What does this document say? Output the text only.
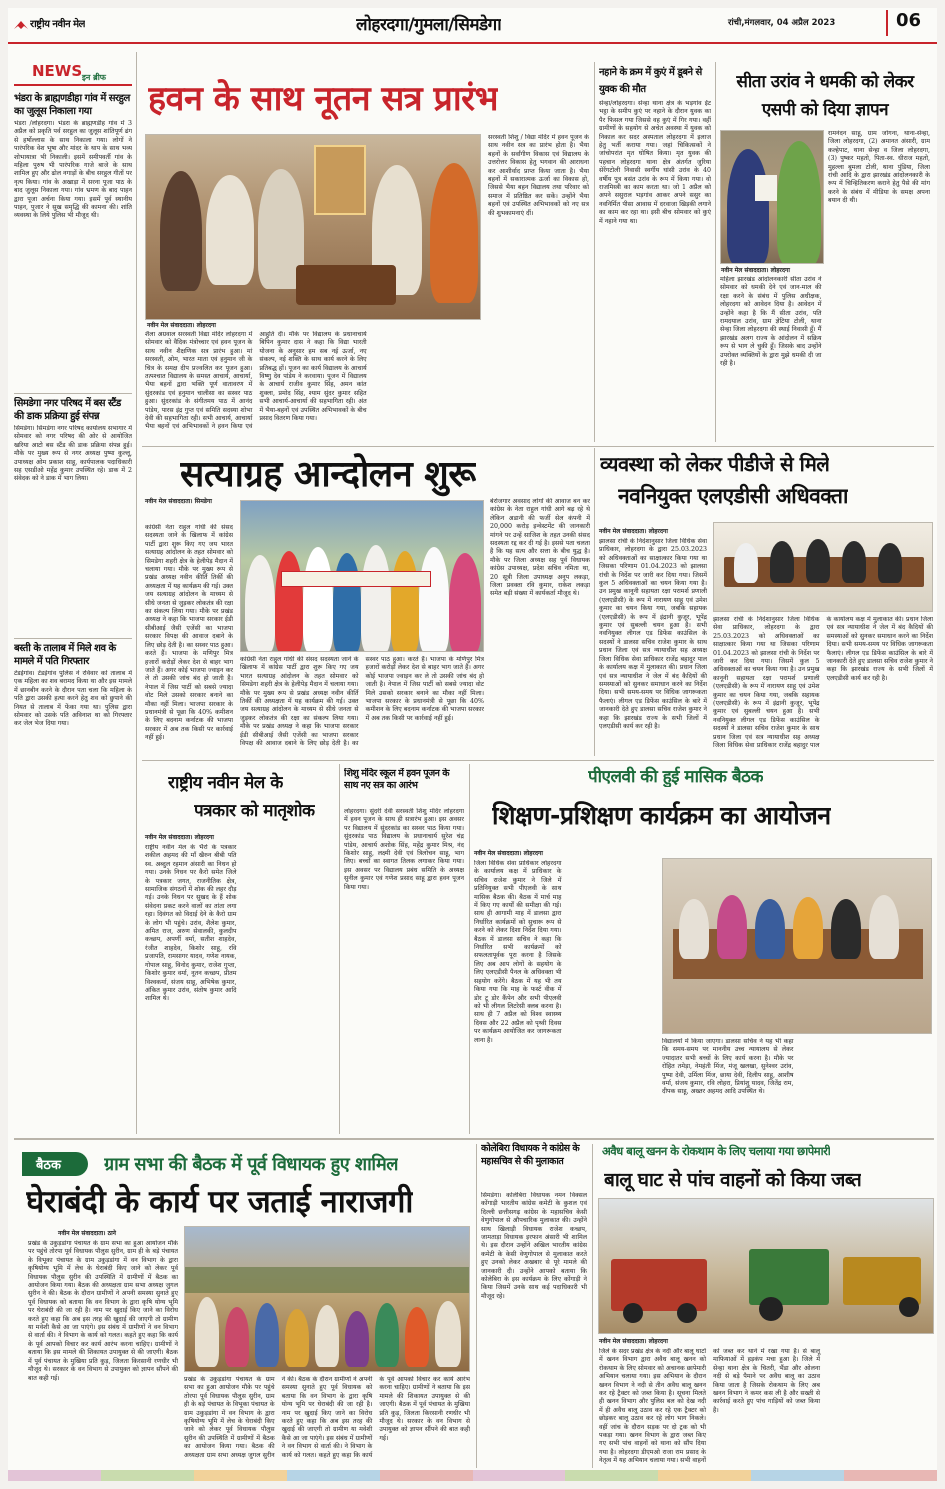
राष्ट्रीय नवीन मेल	लोहरदगा/गुमला/सिमडेगा	रांची,मंगलवार, 04 अप्रैल 2023	06
NEWS इन ब्रीफ
भंडरा के ब्राह्मणडीहा गांव में सरहुल का जुलूस निकाला गया
भंडरा /लोहरदगा। भंडरा के ब्राह्मणडीह गांव में 3 अप्रैल को प्रकृति पर्व सरहुल का जुलूस शांतिपूर्ण ढंग से हर्षोल्लास के साथ निकाला गया। लोगों ने पारंपरिक वेश भूषा और मांदर के थाप के साथ भव्य शोभायात्रा भी निकाली। इसमें समीपवर्ती गांव के महिला पुरुष भी पारंपरिक गाजे बाजे के साथ शामिल हुए और ढोल नगाड़ों के बीच सरहुल गीतों पर नृत्य किया। गांव के अखाड़ा में सरना पूजा पाठ के बाद जुलूस निकाला गया। गांव भ्रमण के बाद पाहन द्वारा पूजा अर्चना किया गया। इसमें पूर्व स्थानीय पाहन, पुजार ने सुख समृद्धि की कामना की। शांति व्यवस्था के लिये पुलिस भी मौजूद थी।
सिमडेगा नगर परिषद में बस स्टैंड की डाक प्रक्रिया हुई संपन्न
सिमडेगा। सिमडेगा नगर परिषद कार्यालय सभागार में सोमवार को नगर परिषद की ओर से आयोजित खरिया आटो बस स्टैंड की डाक प्रक्रिया संपन्न हुई। मौके पर मुख्य रूप से नगर अध्यक्ष पुष्पा कुल्लू, उपाध्यक्ष ओम प्रकाश साहू, कार्यपालक पदाधिकारी सह एसडीओ महेंद्र कुमार उपस्थित रहे। डाक में 2 संवेदक को ने डाक में भाग लिया।
बस्ती के तालाब में मिले शव के मामले में पति गिरफ्तार
टेंडईगांव। टेंडईगांव पुलिस ने रविवार को तालाब में एक महिला का शव बरामद किया था और इस मामले में छानबीन करने के दौरान पता चला कि महिला के पति द्वारा उसकी हत्या करने हेतु शव को छुपाने की नियत से तालाब में फेंका गया था। पुलिस द्वारा सोमवार को उसके पति अविनाश था को गिरफ्तार कर जेल भेज दिया गया।
हवन के साथ नूतन सत्र प्रारंभ
नवीन मेल संवाददाता। लोहरदगा
शैला अग्रवाल सरस्वती विद्या मंदिर लोहरदगा में सोमवार को वैदिक मंत्रोच्चार एवं हवन पूजन के साथ नवीन शैक्षणिक सत्र प्रारंभ हुआ। मां सरस्वती, ओम, भारत माता एवं हनुमान जी के चित्र के समक्ष दीप प्रज्वलित कर पूजन हुआ। तत्पश्चात विद्यालय के समस्त आचार्य, आचार्या, भैया बहनों द्वारा भक्ति पूर्ण वातावरण में सुंदरकांड एवं हनुमान चालीसा का सस्वर पाठ हुआ। सुंदरकांड के संगीतमय पाठ में आनंद पांडेय, पारस इंद्र गुप्त एवं समिति सदस्या शोभा देवी की सहभागिता रही। सभी आचार्य, आचार्या भैया बहनों एवं अभिभावकों ने हवन किया एवं आहुति दी। मौके पर विद्यालय के प्रधानाचार्य बिपिन कुमार दास ने कहा कि विद्या भारती योजना के अनुसार हम सब नई ऊर्जा, नए संकल्प, नई शक्ति के साथ कार्य करने के लिए प्रतिबद्ध हों। पूजन का कार्य विद्यालय के आचार्य विष्णु देव पांडेय ने करवाया। पूजन में विद्यालय के आचार्य राजीव कुमार सिंह, अमन कांत शुक्ला, प्रमोद सिंह, श्याम सुंदर कुमार सहित सभी आचार्य-आचार्या की सहभागिता रही। अंत में भैया-बहनों एवं उपस्थित अभिभावकों के बीच प्रसाद वितरण किया गया।
सरस्वती शिशु / विद्या मंदिर में हवन पूजन के साथ नवीन सत्र का प्रारंभ होता है। भैया बहनों के सर्वांगीण विकास एवं विद्यालय के उत्तरोत्तर विकास हेतु भगवान की आराधना कर आशीर्वाद प्राप्त किया जाता है। भैया बहनों में सकारात्मक ऊर्जा का विकास हो, जिससे भैया बहन विद्यालय तथा परिवार को समाज में प्रतिष्ठित कर सकें। उन्होंने भैया बहनों एवं उपस्थित अभिभावकों को नए सत्र की शुभकामनाएं दीं।
नहाने के क्रम में कुएं में डूबने से युवक की मौत
सेन्हा/लोहरदगा। सेन्हा थाना क्षेत्र के भड़गांव ईंट भट्ठा के समीप कुएं पर नहाने के दौरान युवक का पैर फिसल गया जिससे वह कुएं में गिर गया। वहीं ग्रामीणों के सहयोग से अचेत अवस्था में युवक को निकाल कर सदर अस्पताल लोहरदगा में इलाज हेतु भर्ती कराया गया। जहां चिकित्सकों ने जांचोपरांत मृत घोषित किया। मृत युवक की पहचान लोहरदगा थाना क्षेत्र अंतर्गत जुरिया सेरेंगटोली निवासी स्वर्गीय घांसी उरांव के 40 वर्षीय पुत्र बसंत उरांव के रूप में किया गया। वो राजमिस्त्री का काम करता था। जो 1 अप्रैल को अपने ससुराल भड़गांव आकर अपने ससुर का नवनिर्मित पीसा आवास में दरवाजा खिड़की लगाने का काम कर रहा था। इसी बीच सोमवार को कुएं में नहाने गया था।
सीता उरांव ने धमकी को लेकर एसपी को दिया ज्ञापन
रामनंदन साहू, ग्राम जोगना, थाना-सेन्हा, जिला लोहरदगा, (2) अमानत अंसारी, ग्राम कल्हेपाट, थाना सेन्हा व जिला लोहरदगा, (3) पुष्कर महतो, पिता-स्व. धीराज महतो, मुहल्ला बुमला टोली, थाना पुंडिया, जिला रांची आदि के द्वारा झारखंड आंदोलनकारी के रूप में चिन्हितिकरण कराने हेतु पैसे की मांग करने के संबंध में मीडिया के समक्ष अपना बयान दी थी।
नवीन मेल संवाददाता। लोहरदगा
महिला झारखंड आंदोलनकारी सीता उरांव ने सोमवार को धमकी देने एवं जान-माल की रक्षा करने के संबंध में पुलिस अधीक्षक, लोहरदगा को आवेदन दिया है। आवेदन में उन्होंने कहा है कि मैं सीता उरांव, पति रामदयाल उरांव, ग्राम ज्ञेटिया टोली, थाना सेन्हा जिला लोहरदगा की स्थाई निवासी हूँ। मैं झारखंड अलग राज्य के आंदोलन में सक्रिय रूप से भाग ले चुकी हूँ। जिसके बाद उन्होंने उपरोक्त व्यक्तियों के द्वारा मुझे धमकी दी जा रही है।
सत्याग्रह आन्दोलन शुरू
नवीन मेल संवाददाता। सिमडेगा
कांग्रेसी नेता राहुल गांधी की संसद सदस्यता जाने के खिलाफ में कांग्रेस पार्टी द्वारा शुरू किए गए जय भारत सत्याग्रह आंदोलन के तहत सोमवार को सिमडेगा शहरी क्षेत्र के हेलीपेड़ मैदान में चलाया गया। मौके पर मुख्य रूप से प्रखंड अध्यक्ष नवीन कीर्ति तिर्की की अध्यक्षता में यह कार्यक्रम की गई। उक्त जय सत्याग्रह आंदोलन के माध्यम से सीधे जनता से जुड़कर लोकतंत्र की रक्षा का संकल्प लिया गया। मौके पर प्रखंड अध्यक्ष ने कहा कि भाजपा सरकार ईडी सीबीआई जैसी एजेंसी का भाजपा सरकार विपक्ष की आवाज दबाने के लिए छोड़ देती है। का सस्वर पाठ हुआ। करते हैं। भाजपा के मणिपुर मित्र हजारों करोड़ों लेकर देश से बाहर भाग जाते हैं। अगर कोई भाजपा ज्वाइन कर ले तो उसकी जांच बंद हो जाती है। नेपाल में जिस पार्टी को सबसे ज्यादा वोट मिले उसको सरकार बनाने का मौका नहीं मिला। भाजपा सरकार के प्रधानमंत्री से पूछा कि 40% कमीशन के लिए बदनाम कर्नाटक की भाजपा सरकार में अब तक किसी पर कार्रवाई नहीं हुई।
कांग्रेसी नेता राहुल गांधी की संसद सदस्यता जाने के खिलाफ में कांग्रेस पार्टी द्वारा शुरू किए गए जय भारत सत्याग्रह आंदोलन के तहत सोमवार को सिमडेगा शहरी क्षेत्र के हेलीपेड़ मैदान में चलाया गया। मौके पर मुख्य रूप से प्रखंड अध्यक्ष नवीन कीर्ति तिर्की की अध्यक्षता में यह कार्यक्रम की गई। उक्त जय सत्याग्रह आंदोलन के माध्यम से सीधे जनता से जुड़कर लोकतंत्र की रक्षा का संकल्प लिया गया। मौके पर प्रखंड अध्यक्ष ने कहा कि भाजपा सरकार ईडी सीबीआई जैसी एजेंसी का भाजपा सरकार विपक्ष की आवाज दबाने के लिए छोड़ देती है। का सस्वर पाठ हुआ। करते हैं। भाजपा के मणिपुर मित्र हजारों करोड़ों लेकर देश से बाहर भाग जाते हैं। अगर कोई भाजपा ज्वाइन कर ले तो उसकी जांच बंद हो जाती है। नेपाल में जिस पार्टी को सबसे ज्यादा वोट मिले उसको सरकार बनाने का मौका नहीं मिला। भाजपा सरकार के प्रधानमंत्री से पूछा कि 40% कमीशन के लिए बदनाम कर्नाटक की भाजपा सरकार में अब तक किसी पर कार्रवाई नहीं हुई।
बेरोजगार अवसाद लोगों की आवाज बन कर कांग्रेस के नेता राहुल गांधी आगे बढ़ रहे थे लेकिन अडानी की फर्जी सेल कंपनी में 20,000 करोड़ इन्वेस्टमेंट की जानकारी मांगने पर उन्हें साजिश के तहत उनकी संसद सदस्यता रद्द कर दी गई है। इससे पता चलता है कि यह सत्य और सत्ता के बीच युद्ध है। मौके पर जिला अध्यक्ष सह पूर्व विधायक कांग्रेस उपाध्यक्ष, प्रदेश सचिव नमिता था, 20 सूत्री जिला उपाध्यक्ष अनूप लकड़ा, जिला प्रवक्ता रवि कुमार, राकेश लकड़ा समेत बड़ी संख्या में कार्यकर्ता मौजूद थे।
व्यवस्था को लेकर पीडीजे से मिले
नवनियुक्त एलएडीसी अधिवक्ता
नवीन मेल संवाददाता। लोहरदगा
झालसा रांची के निर्देशानुसार जिला विधिक सेवा प्राधिकार, लोहरदगा के द्वारा 25.03.2023 को अधिवक्ताओं का साक्षात्कार किया गया था जिसका परिणाम 01.04.2023 को झालसा रांची के निर्देश पर जारी कर दिया गया। जिसमें कुल 5 अधिवक्ताओं का चयन किया गया है। उन प्रमुख कानूनी सहायता रक्षा परामर्श प्रणाली (एलएडीसी) के रूप में नारायण साहू एवं उमेश कुमार का चयन किया गया, जबकि सहायक (एलएडीसी) के रूप में इंद्रानी कुजूर, भूपेंद्र कुमार एवं सुबल्ली चयन हुआ है। सभी नवनियुक्त लीगल एड डिफेंस काउंसिल के सदस्यों ने डालसा सचिव राजेश कुमार के साथ प्रधान जिला एवं सत्र न्यायाधीश सह अध्यक्ष जिला विधिक सेवा प्राधिकार राजेंद्र बहादुर पाल के कार्यालय कक्ष में मुलाकात की। प्रधान जिला एवं सत्र न्यायाधीश ने जेल में बंद कैदियों की समस्याओं को सुनकर समाधान करने का निर्देश दिया। सभी समय-समय पर विधिक जागरूकता फैलाएं। लीगल एड डिफेंस काउंसिल के बारे में जानकारी देते हुए डालसा सचिव राजेश कुमार ने कहा कि झारखंड राज्य के सभी जिलों में एलएडीसी कार्य कर रही है।
झालसा रांची के निर्देशानुसार जिला विधिक सेवा प्राधिकार, लोहरदगा के द्वारा 25.03.2023 को अधिवक्ताओं का साक्षात्कार किया गया था जिसका परिणाम 01.04.2023 को झालसा रांची के निर्देश पर जारी कर दिया गया। जिसमें कुल 5 अधिवक्ताओं का चयन किया गया है। उन प्रमुख कानूनी सहायता रक्षा परामर्श प्रणाली (एलएडीसी) के रूप में नारायण साहू एवं उमेश कुमार का चयन किया गया, जबकि सहायक (एलएडीसी) के रूप में इंद्रानी कुजूर, भूपेंद्र कुमार एवं सुबल्ली चयन हुआ है। सभी नवनियुक्त लीगल एड डिफेंस काउंसिल के सदस्यों ने डालसा सचिव राजेश कुमार के साथ प्रधान जिला एवं सत्र न्यायाधीश सह अध्यक्ष जिला विधिक सेवा प्राधिकार राजेंद्र बहादुर पाल के कार्यालय कक्ष में मुलाकात की। प्रधान जिला एवं सत्र न्यायाधीश ने जेल में बंद कैदियों की समस्याओं को सुनकर समाधान करने का निर्देश दिया। सभी समय-समय पर विधिक जागरूकता फैलाएं। लीगल एड डिफेंस काउंसिल के बारे में जानकारी देते हुए डालसा सचिव राजेश कुमार ने कहा कि झारखंड राज्य के सभी जिलों में एलएडीसी कार्य कर रही है।
राष्ट्रीय नवीन मेल के
पत्रकार को मातृशोक
नवीन मेल संवाददाता। लोहरदगा
राष्ट्रीय नवीन मेल के भैरो के पत्रकार शकील अहमद की माँ खैरुन बीबी पति स्व. अब्दुल रहमान अंसारी का निधन हो गया। उनके निधन पर कैरो समेत जिले के पत्रकार जगत, राजनीतिक क्षेत्र, सामाजिक संगठनों में शोक की लहर दौड़ गई। उनके निधन पर सुखद के हैं शोक संवेदना प्रकट करने वालों का तांता लगा रहा। दिवंगत को विदाई देने के कैरो ग्राम के लोग भी पहुंचे। उरांव, शैलेश कुमार, अमित राज, अरुण सेवालकी, कुलदीप कच्छप, अपर्णी वर्मा, सतीश शाहदेव, रंजीत शाहदेव, किशोर साहू, रवि प्रजापति, रामसागर यादव, गणेश नायक, गोपाल साहू, विनोद कुमार, राजेश गुप्ता, किशोर कुमार वर्मा, नूतन कच्छप, प्रीतम विश्वकर्मा, संजय साहू, अभिषेक कुमार, अंकित कुमार उरांव, संतोष कुमार आदि शामिल थे।
शिशु मंदिर स्कूल में हवन पूजन के साथ नए सत्र का आरंभ
लोहरदगा। सुंदरी देवी सरस्वती शिशु मंदिर लोहरदगा में हवन पूजन के साथ ही सत्रारंभ हुआ। इस अवसर पर विद्यालय में सुंदरकांड का सस्वर पाठ किया गया। सुंदरकांड पाठ विद्यालय के प्रधानाचार्य सुरेश चंद्र पांडेय, आचार्य अशोक सिंह, महेंद्र कुमार मिश्र, नंद किशोर साहू, लक्ष्मी देवी एवं त्रिलोचन साहू, भाग लिए। बच्चों का स्वागत तिलक लगाकर किया गया। इस अवसर पर विद्यालय प्रबंध समिति के अध्यक्ष सुनील कुमार एवं गणेश प्रसाद साहू द्वारा हवन पूजन किया गया।
पीएलवी की हुई मासिक बैठक
शिक्षण-प्रशिक्षण कार्यक्रम का आयोजन
नवीन मेल संवाददाता। लोहरदगा
जिला विधिक सेवा प्राधिकार लोहरदगा के कार्यालय कक्ष में प्राधिकार के सचिव राजेश कुमार ने जिले में प्रतिनियुक्त सभी पीएलवी के साथ मासिक बैठक की। बैठक में मार्च माह में किए गए कार्यों की समीक्षा की गई। साथ ही आगामी माह में डालसा द्वारा निर्धारित कार्यक्रमों को सुचारू रूप से करने को लेकर दिशा निर्देश दिया गया। बैठक में डालसा सचिव ने कहा कि निर्धारित सभी कार्यक्रमों को सफलतापूर्वक पूरा करना है जिसके लिए अब आप लोगों के सहयोग के लिए एलएडीसी पैनल के अधिवक्ता भी सहयोग करेंगे। बैठक में यह भी तय किया गया कि माह के फर्स्ट वीक में डोर टू डोर कैंपेन और सभी पीएलवी को भी लीगल लिटरेसी क्लब करना है। साथ ही 7 अप्रैल को विश्व स्वास्थ्य दिवस और 22 अप्रैल को पृथ्वी दिवस पर कार्यक्रम आयोजित कर जागरूकता लाना है।	विद्यालयों में किया जाएगा। डालसा सचिव ने यह भी कहा कि समय-समय पर माननीय उच्च न्यायालय से लेकर ज्यादातर सभी बच्चों के लिए कार्य करना है। मौके पर रोहित तमेड़ा, नेमहंती मिंज, मंजू खलखा, सुनेश्वर उरांव, पुष्पा देवी, उर्मिला मिंज, छाया देवी, दिलीप साहू, आशीष वर्मा, संजय कुमार, रवि लोहरा, प्रियांशु यादव, जितेंद्र राम, दीपक साहू, अख्तर अहमद आदि उपस्थित थे।
बैठक ग्राम सभा की बैठक में पूर्व विधायक हुए शामिल
घेराबंदी के कार्य पर जताई नाराजगी
नवीन मेल संवाददाता। ठाने
प्रखंड के उकुड़डांगा पंचायत के ग्राम सभा का हुआ आयोजन मौके पर पहुंचे तोरपा पूर्व विधायक पौलुस सुरीन, ग्राम ही के बड़े पंचायत के विभूका पंचायत के ग्राम उकुड़डांगा में वन विभाग के द्वारा कृषियोग्य भूमि में लेच के घेराबंदी किए जाने को लेकर पूर्व विधायक पौलुस सुरीन की उपस्थिति में ग्रामीणों में बैठक का आयोजन किया गया। बैठक की अध्यक्षता ग्राम सभा अध्यक्ष जुगल सुरीन ने की। बैठक के दौरान ग्रामीणों ने अपनी समस्या सुनाते हुए पूर्व विधायक को बताया कि वन विभाग के द्वारा कृषि योग्य भूमि पर घेराबंदी की जा रही है। नाम पर खुदाई किए जाने का विरोध करते हुए कहा कि अब इस तरह की खुदाई की जाएगी तो ग्रामीण या मवेशी कैसे आ जा पाएंगे। इस संबंध में ग्रामीणों ने वन विभाग से वार्ता की। ने विभाग के कार्य को गलत। कहते हुए कहा कि कार्य के पूर्व आपको विचार कर कार्य आरंभ करना चाहिए। ग्रामीणों ने बताया कि इस मामले की शिकायत उपायुक्त से की जाएगी। बैठक में पूर्व पंचायत के मुखिया प्रति कुड़, जिलता किरसानी रणधीर भी मौजूद थे। सरकार के वन विभाग से उपायुक्त को ज्ञापन सौंपने की बात कही गई।	प्रखंड के उकुड़डांगा पंचायत के ग्राम सभा का हुआ आयोजन मौके पर पहुंचे तोरपा पूर्व विधायक पौलुस सुरीन, ग्राम ही के बड़े पंचायत के विभूका पंचायत के ग्राम उकुड़डांगा में वन विभाग के द्वारा कृषियोग्य भूमि में लेच के घेराबंदी किए जाने को लेकर पूर्व विधायक पौलुस सुरीन की उपस्थिति में ग्रामीणों में बैठक का आयोजन किया गया। बैठक की अध्यक्षता ग्राम सभा अध्यक्ष जुगल सुरीन ने की। बैठक के दौरान ग्रामीणों ने अपनी समस्या सुनाते हुए पूर्व विधायक को बताया कि वन विभाग के द्वारा कृषि योग्य भूमि पर घेराबंदी की जा रही है। नाम पर खुदाई किए जाने का विरोध करते हुए कहा कि अब इस तरह की खुदाई की जाएगी तो ग्रामीण या मवेशी कैसे आ जा पाएंगे। इस संबंध में ग्रामीणों ने वन विभाग से वार्ता की। ने विभाग के कार्य को गलत। कहते हुए कहा कि कार्य के पूर्व आपको विचार कर कार्य आरंभ करना चाहिए। ग्रामीणों ने बताया कि इस मामले की शिकायत उपायुक्त से की जाएगी। बैठक में पूर्व पंचायत के मुखिया प्रति कुड़, जिलता किरसानी रणधीर भी मौजूद थे। सरकार के वन विभाग से उपायुक्त को ज्ञापन सौंपने की बात कही गई।
कोलेबिरा विधायक ने कांग्रेस के महासचिव से की मुलाकात
सिमडेगा। कोलेबिरा विधायक नमन विक्सल कोंगाड़ी भारतीय कांग्रेस कमेटी के कुशल एवं दिल्ली छत्तीसगढ़ कांग्रेस के महासचिव केसी वेणुगोपाल से औपचारिक मुलाकात की। उन्होंने साथ खिलाड़ी विधायक राजेश कच्छप, जामताड़ा विधायक इरफान अंसारी भी शामिल थे। इस दौरान उन्होंने अखिल भारतीय कांग्रेस कमेटी के केसी वेणुगोपाल से मुलाकात करते हुए उनको लेकर अखबार से पूरे मामले की जानकारी दी। उन्होंने आपको बताया कि कोलेबिरा के इस कार्यक्रम के लिए कोंगाड़ी ने किया जिसमें उनके साथ कई पदाधिकारी भी मौजूद रहे।
अवैध बालू खनन के रोकथाम के लिए चलाया गया छापेमारी
बालू घाट से पांच वाहनों को किया जब्त
नवीन मेल संवाददाता। लोहरदगा
जिले के सदर प्रखंड क्षेत्र के नदी और बालू घाटों में खनन विभाग द्वारा अवैध बालू खनन को रोकथाम के लिए सोमवार को अचानक छापेमारी अभियान चलाया गया। इस अभियान के दौरान खनन विभाग ने नदी से तीन अवैध बालू खनन कर रहे ट्रैक्टर को जब्त किया है। सूचना मिलते ही खनन विभाग और पुलिस बल को देख नदी में ही अवैध बालू उठाव कर रहे एक ट्रैक्टर को छोड़कर बालू उठाव कर रहे लोग भाग निकले। वहीं जांच के दौरान सड़क पर दो ट्रक को भी पकड़ा गया। खनन विभाग के द्वारा जब्त किए गए सभी पांच वाहनों को थाना को सौंप दिया गया है। लोहरदगा डीएमओ राजा राम प्रसाद के नेतृत्व में यह अभियान चलाया गया। सभी वाहनों को जब्त कर थाने में रखा गया है। से बालू माफियाओं में हड़कंप मचा हुआ है। जिले में सेन्हा थाना क्षेत्र के चितरी, भैंडा और ओलना नदी से बड़े पैमाने पर अवैध बालू का उठाव किया जाता है जिसके रोकथाम के लिए अब खनन विभाग ने कमर कस ली है और सख्ती से कार्रवाई करते हुए पांच गाड़ियों को जब्त किया है।
